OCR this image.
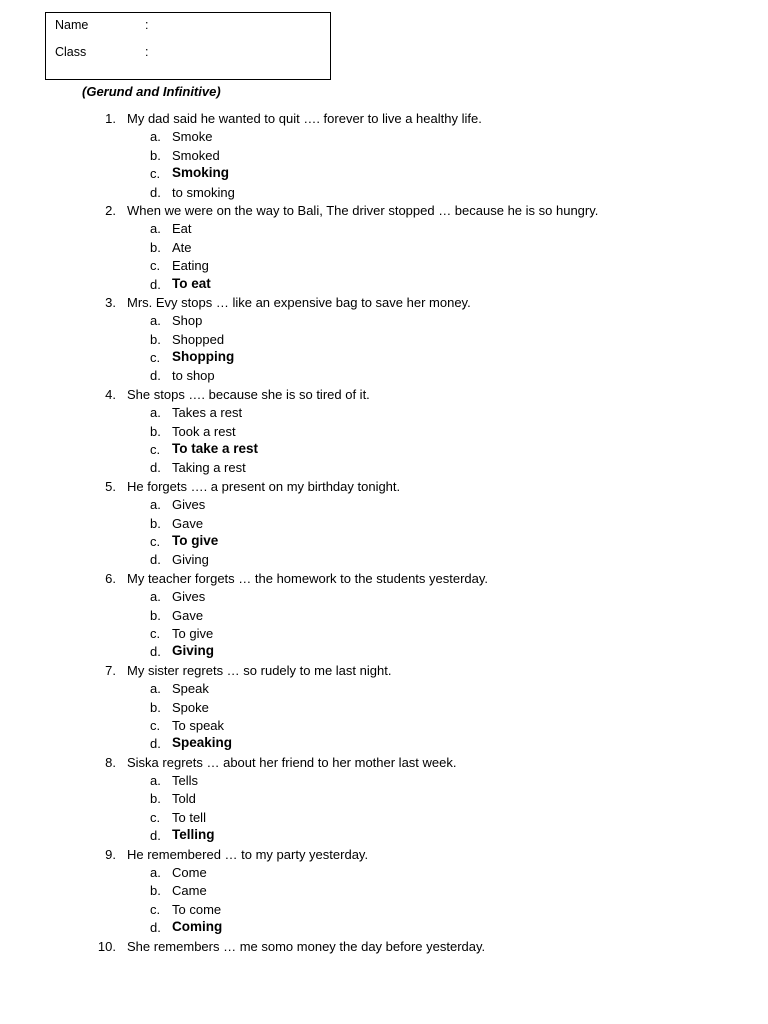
Name	:
Class	:
(Gerund and Infinitive)
1. My dad said he wanted to quit …. forever to live a healthy life.
a. Smoke
b. Smoked
c. Smoking
d. to smoking
2. When we were on the way to Bali, The driver stopped … because he is so hungry.
a. Eat
b. Ate
c. Eating
d. To eat
3. Mrs. Evy stops … like an expensive bag to save her money.
a. Shop
b. Shopped
c. Shopping
d. to shop
4. She stops …. because she is so tired of it.
a. Takes a rest
b. Took a rest
c. To take a rest
d. Taking a rest
5. He forgets …. a present on my birthday tonight.
a. Gives
b. Gave
c. To give
d. Giving
6. My teacher forgets … the homework to the students yesterday.
a. Gives
b. Gave
c. To give
d. Giving
7. My sister regrets … so rudely to me last night.
a. Speak
b. Spoke
c. To speak
d. Speaking
8. Siska regrets … about her friend to her mother last week.
a. Tells
b. Told
c. To tell
d. Telling
9. He remembered … to my party yesterday.
a. Come
b. Came
c. To come
d. Coming
10. She remembers … me somo money the day before yesterday.
